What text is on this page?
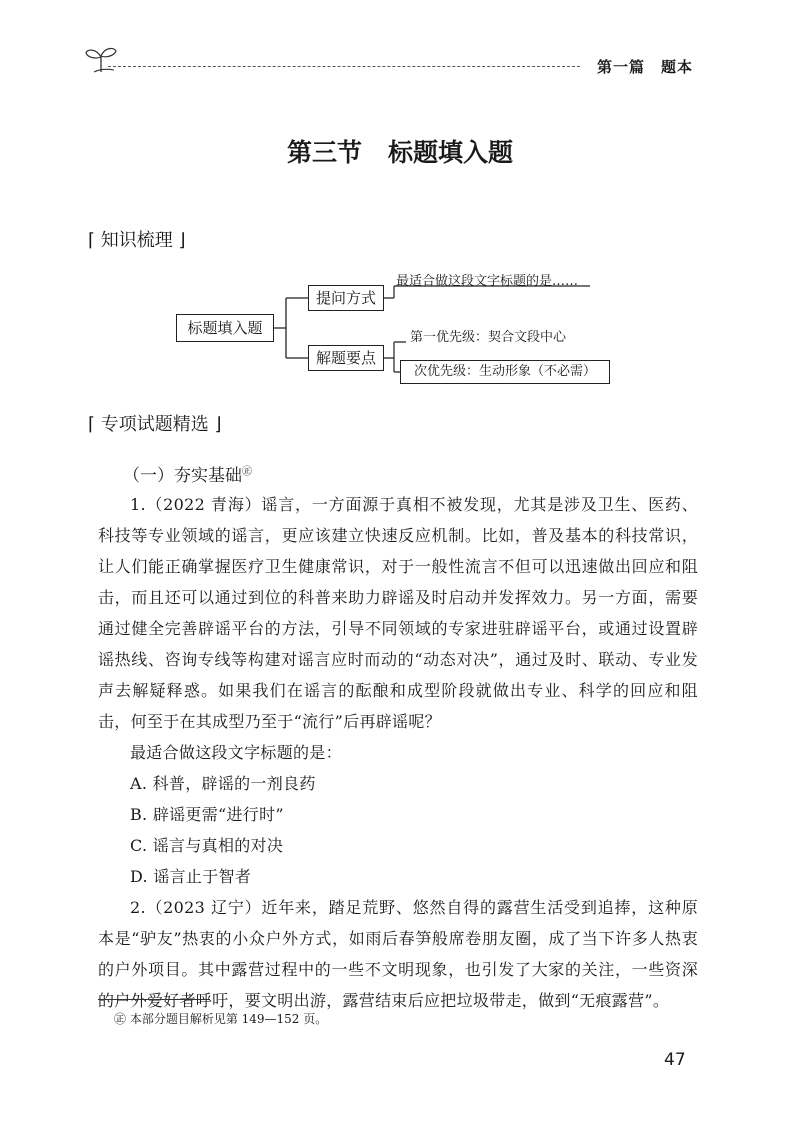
第一篇　题本
第三节 标题填入题
⌈ 知识梳理 ⌋
标题填入题
提问方式
解题要点
最适合做这段文字标题的是……
第一优先级：契合文段中心
次优先级：生动形象（不必需）
⌈ 专项试题精选 ⌋
（一）夯实基础㊣

1.（2022 青海）谣言，一方面源于真相不被发现，尤其是涉及卫生、医药、科技等专业领域的谣言，更应该建立快速反应机制。比如，普及基本的科技常识，让人们能正确掌握医疗卫生健康常识，对于一般性流言不但可以迅速做出回应和阻击，而且还可以通过到位的科普来助力辟谣及时启动并发挥效力。另一方面，需要通过健全完善辟谣平台的方法，引导不同领域的专家进驻辟谣平台，或通过设置辟谣热线、咨询专线等构建对谣言应时而动的“动态对决”，通过及时、联动、专业发声去解疑释惑。如果我们在谣言的酝酿和成型阶段就做出专业、科学的回应和阻击，何至于在其成型乃至于“流行”后再辟谣呢？

最适合做这段文字标题的是：

A. 科普，辟谣的一剂良药

B. 辟谣更需“进行时”

C. 谣言与真相的对决

D. 谣言止于智者

2.（2023 辽宁）近年来，踏足荒野、悠然自得的露营生活受到追捧，这种原本是“驴友”热衷的小众户外方式，如雨后春笋般席卷朋友圈，成了当下许多人热衷的户外项目。其中露营过程中的一些不文明现象，也引发了大家的关注，一些资深的户外爱好者呼吁，要文明出游，露营结束后应把垃圾带走，做到“无痕露营”。

㊣ 本部分题目解析见第 149—152 页。
47
